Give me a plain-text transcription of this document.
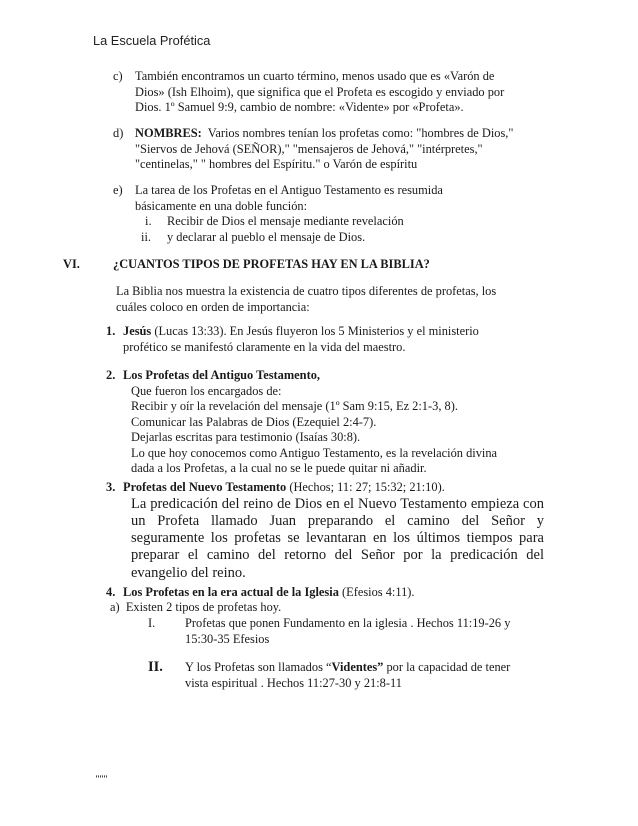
La Escuela Profética
c) También encontramos un cuarto término, menos usado que es «Varón de
Dios» (Ish Elhoim), que significa que el Profeta es escogido y enviado por
Dios. 1º Samuel 9:9, cambio de nombre: «Vidente» por «Profeta».
d) NOMBRES:  Varios nombres tenían los profetas como: "hombres de Dios,"
"Siervos de Jehová (SEÑOR)," "mensajeros de Jehová," "intérpretes,"
"centinelas," " hombres del Espíritu." o Varón de espíritu
e) La tarea de los Profetas en el Antiguo Testamento es resumida
básicamente en una doble función:
i.	Recibir de Dios el mensaje mediante revelación
ii.	y declarar al pueblo el mensaje de Dios.
VI.	¿CUANTOS TIPOS DE PROFETAS HAY EN LA BIBLIA?
La Biblia nos muestra la existencia de cuatro tipos diferentes de profetas, los
cuáles coloco en orden de importancia:
1. Jesús (Lucas 13:33). En Jesús fluyeron los 5 Ministerios y el ministerio
profético se manifestó claramente en la vida del maestro.
2. Los Profetas del Antiguo Testamento,
Que fueron los encargados de:
Recibir y oír la revelación del mensaje (1º Sam 9:15, Ez 2:1-3, 8).
Comunicar las Palabras de Dios (Ezequiel 2:4-7).
Dejarlas escritas para testimonio (Isaías 30:8).
Lo que hoy conocemos como Antiguo Testamento, es la revelación divina
dada a los Profetas, a la cual no se le puede quitar ni añadir.
3. Profetas del Nuevo Testamento (Hechos; 11: 27; 15:32; 21:10).
La predicación del reino de Dios en el Nuevo Testamento empieza con
un Profeta llamado Juan preparando el camino del Señor y
seguramente los profetas se levantaran en los últimos tiempos para
preparar el camino del retorno del Señor por la predicación del
evangelio del reino.
4. Los Profetas en la era actual de la Iglesia (Efesios 4:11).
a)  Existen 2 tipos de profetas hoy.
I.	Profetas que ponen Fundamento en la iglesia . Hechos 11:19-26 y
15:30-35 Efesios
II.	Y los Profetas son llamados “Videntes” por la capacidad de tener
vista espiritual . Hechos 11:27-30 y 21:8-11
"""
